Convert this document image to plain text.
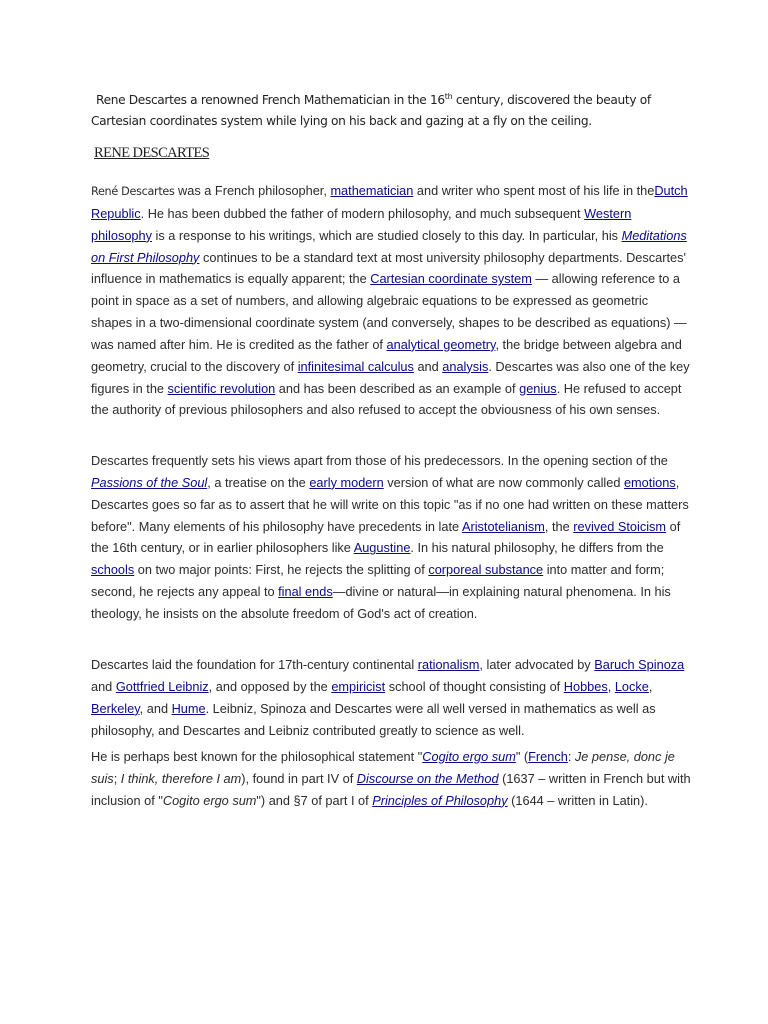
Rene Descartes a renowned French Mathematician in the 16th century, discovered the beauty of Cartesian coordinates system while lying on his back and gazing at a fly on the ceiling.

RENE DESCARTES

René Descartes was a French philosopher, mathematician and writer who spent most of his life in theDutch Republic. He has been dubbed the father of modern philosophy, and much subsequent Western philosophy is a response to his writings, which are studied closely to this day. In particular, his Meditations on First Philosophy continues to be a standard text at most university philosophy departments. Descartes' influence in mathematics is equally apparent; the Cartesian coordinate system — allowing reference to a point in space as a set of numbers, and allowing algebraic equations to be expressed as geometric shapes in a two-dimensional coordinate system (and conversely, shapes to be described as equations) — was named after him. He is credited as the father of analytical geometry, the bridge between algebra and geometry, crucial to the discovery of infinitesimal calculus and analysis. Descartes was also one of the key figures in the scientific revolution and has been described as an example of genius. He refused to accept the authority of previous philosophers and also refused to accept the obviousness of his own senses.

Descartes frequently sets his views apart from those of his predecessors. In the opening section of the Passions of the Soul, a treatise on the early modern version of what are now commonly called emotions, Descartes goes so far as to assert that he will write on this topic "as if no one had written on these matters before". Many elements of his philosophy have precedents in late Aristotelianism, the revived Stoicism of the 16th century, or in earlier philosophers like Augustine. In his natural philosophy, he differs from the schools on two major points: First, he rejects the splitting of corporeal substance into matter and form; second, he rejects any appeal to final ends—divine or natural—in explaining natural phenomena. In his theology, he insists on the absolute freedom of God's act of creation.

Descartes laid the foundation for 17th-century continental rationalism, later advocated by Baruch Spinoza and Gottfried Leibniz, and opposed by the empiricist school of thought consisting of Hobbes, Locke, Berkeley, and Hume. Leibniz, Spinoza and Descartes were all well versed in mathematics as well as philosophy, and Descartes and Leibniz contributed greatly to science as well.

He is perhaps best known for the philosophical statement "Cogito ergo sum" (French: Je pense, donc je suis; I think, therefore I am), found in part IV of Discourse on the Method (1637 – written in French but with inclusion of "Cogito ergo sum") and §7 of part I of Principles of Philosophy (1644 – written in Latin).
